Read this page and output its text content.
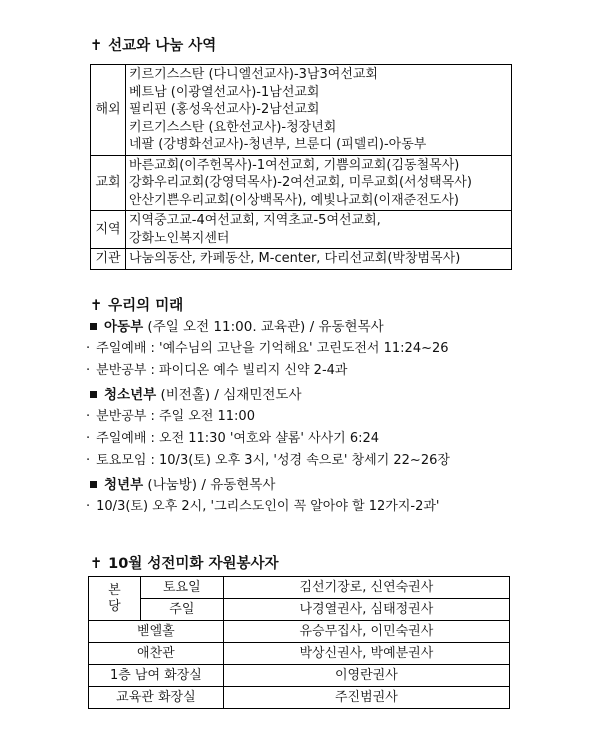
✝ 선교와 나눔 사역
해외	키르기스스탄 (다니엘선교사)-3남3여선교회
베트남 (이광열선교사)-1남선교회
필리핀 (홍성욱선교사)-2남선교회
키르기스스탄 (요한선교사)-청장년회
네팔 (강병화선교사)-청년부, 브룬디 (피델리)-아동부

교회	바른교회(이주헌목사)-1여선교회, 기쁨의교회(김동철목사)
강화우리교회(강영덕목사)-2여선교회, 미루교회(서성택목사)
안산기쁜우리교회(이상백목사), 예빛나교회(이재준전도사)

지역	지역중고교-4여선교회, 지역초교-5여선교회,
강화노인복지센터

기관	나눔의동산, 카페동산, M-center, 다리선교회(박창범목사)
✝ 우리의 미래
아동부 (주일 오전 11:00. 교육관) / 유동현목사
· 주일예배 : '예수님의 고난을 기억해요' 고린도전서 11:24~26
· 분반공부 : 파이디온 예수 빌리지 신약 2-4과
청소년부 (비전홀) / 심재민전도사
· 분반공부 : 주일 오전 11:00
· 주일예배 : 오전 11:30 '여호와 샬롬' 사사기 6:24
· 토요모임 : 10/3(토) 오후 3시, '성경 속으로' 창세기 22~26장
청년부 (나눔방) / 유동현목사
· 10/3(토) 오후 2시, '그리스도인이 꼭 알아야 할 12가지-2과'
✝ 10월 성전미화 자원봉사자
본
당	토요일	김선기장로, 신연숙권사
	주일	나경열권사, 심태정권사
벧엘홀		유승무집사, 이민숙권사
애찬관		박상신권사, 박예분권사
1층 남여 화장실		이영란권사
교육관 화장실		주진범권사
